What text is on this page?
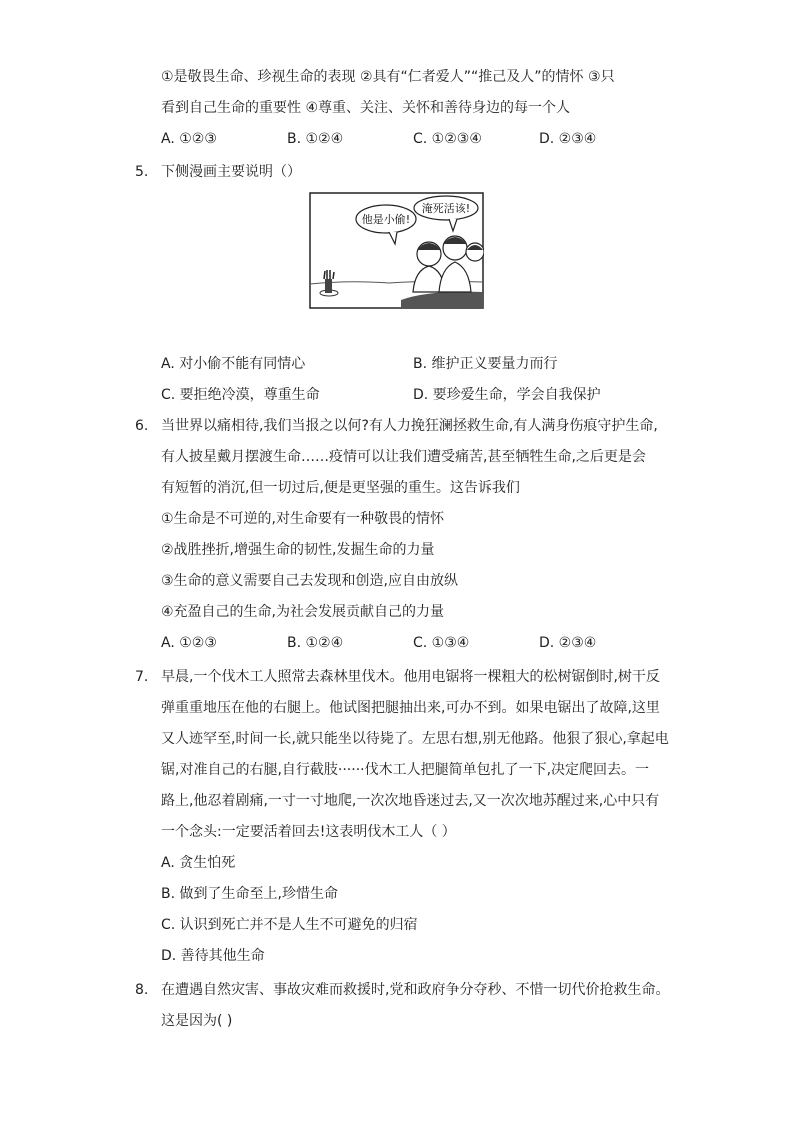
①是敬畏生命、珍视生命的表现 ②具有“仁者爱人”“推己及人”的情怀 ③只
看到自己生命的重要性 ④尊重、关注、关怀和善待身边的每一个人
A. ①②③	B. ①②④	C. ①②③④	D. ②③④
5. 下侧漫画主要说明（）
他是小偷!
淹死活该!
A. 对小偷不能有同情心	B. 维护正义要量力而行
C. 要拒绝冷漠，尊重生命	D. 要珍爱生命，学会自我保护
6. 当世界以痛相待,我们当报之以何?有人力挽狂澜拯救生命,有人满身伤痕守护生命,
有人披星戴月摆渡生命……疫情可以让我们遭受痛苦,甚至牺牲生命,之后更是会
有短暂的消沉,但一切过后,便是更坚强的重生。这告诉我们
①生命是不可逆的,对生命要有一种敬畏的情怀
②战胜挫折,增强生命的韧性,发掘生命的力量
③生命的意义需要自己去发现和创造,应自由放纵
④充盈自己的生命,为社会发展贡献自己的力量
A. ①②③	B. ①②④	C. ①③④	D. ②③④
7. 早晨,一个伐木工人照常去森林里伐木。他用电锯将一棵粗大的松树锯倒时,树干反
弹重重地压在他的右腿上。他试图把腿抽出来,可办不到。如果电锯出了故障,这里
又人迹罕至,时间一长,就只能坐以待毙了。左思右想,别无他路。他狠了狠心,拿起电
锯,对准自己的右腿,自行截肢······伐木工人把腿简单包扎了一下,决定爬回去。一
路上,他忍着剧痛,一寸一寸地爬,一次次地昏迷过去,又一次次地苏醒过来,心中只有
一个念头:一定要活着回去!这表明伐木工人（ ）
A. 贪生怕死
B. 做到了生命至上,珍惜生命
C. 认识到死亡并不是人生不可避免的归宿
D. 善待其他生命
8. 在遭遇自然灾害、事故灾难而救援时,党和政府争分夺秒、不惜一切代价抢救生命。
这是因为( )
